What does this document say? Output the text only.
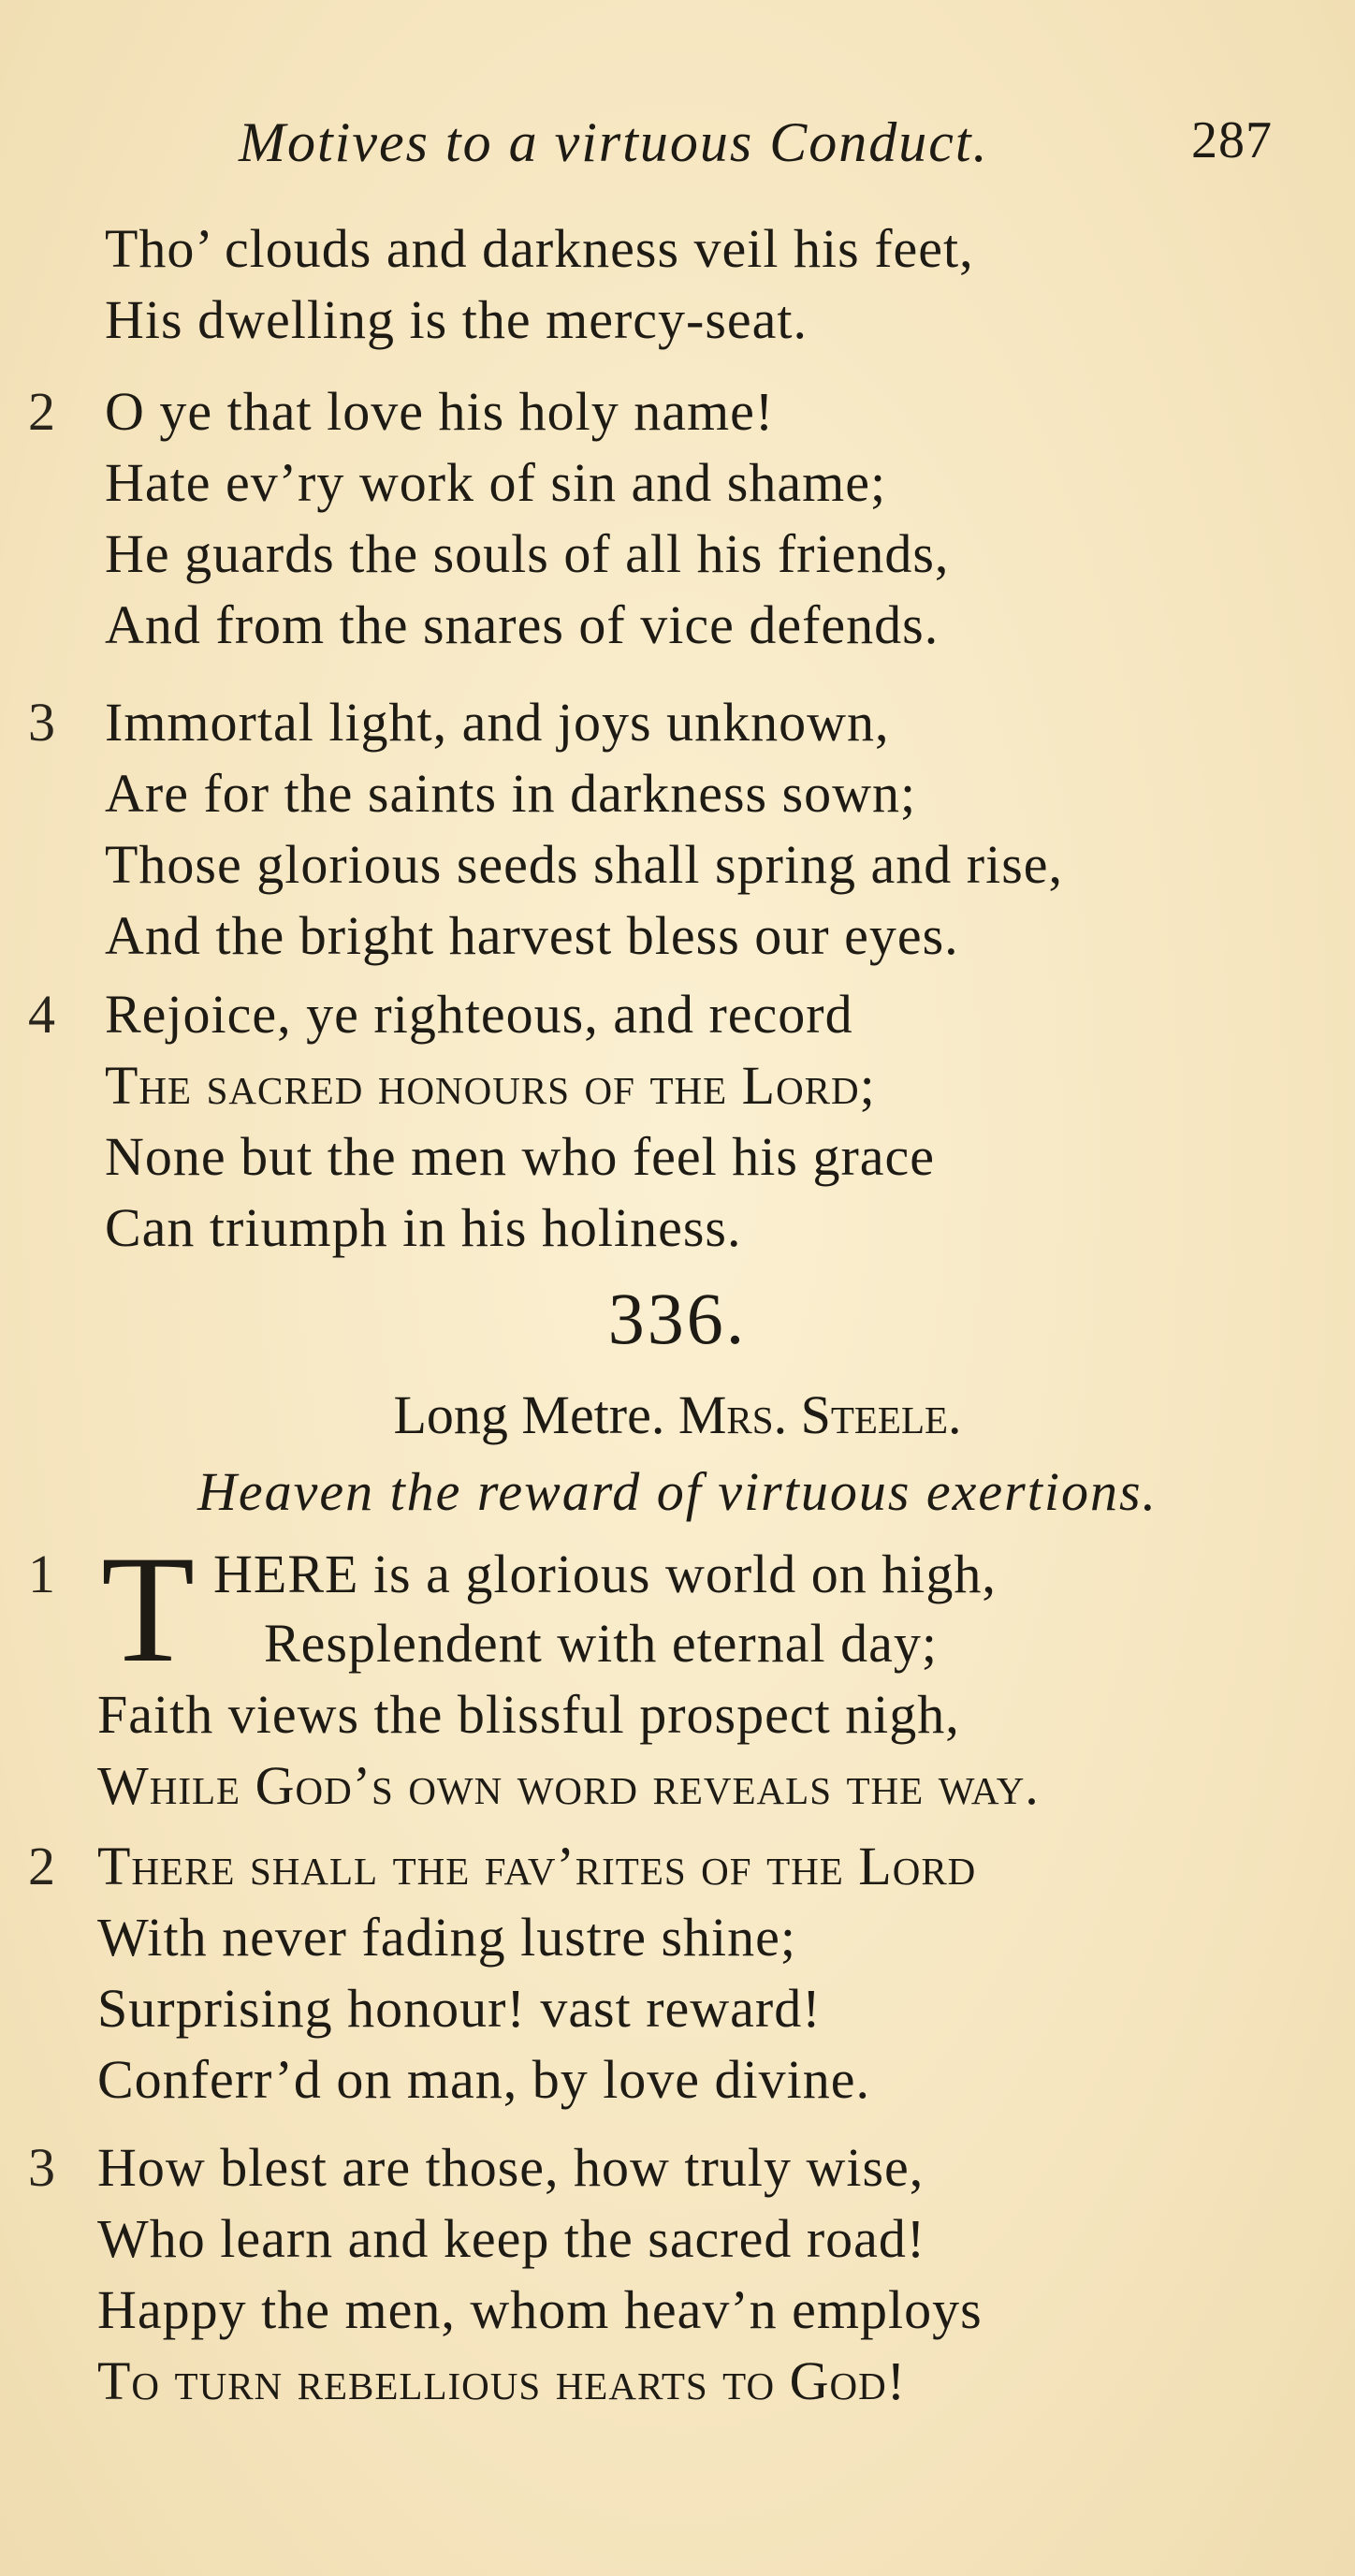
Motives to a virtuous Conduct.	287
Tho’ clouds and darkness veil his feet,
His dwelling is the mercy-seat.
2 O ye that love his holy name!
Hate ev’ry work of sin and shame;
He guards the souls of all his friends,
And from the snares of vice defends.
3 Immortal light, and joys unknown,
Are for the saints in darkness sown;
Those glorious seeds shall spring and rise,
And the bright harvest bless our eyes.
4 Rejoice, ye righteous, and record
The sacred honours of the Lord;
None but the men who feel his grace
Can triumph in his holiness.
336.
Long Metre. Mrs. Steele.
Heaven the reward of virtuous exertions.
1 T HERE is a glorious world on high,
Resplendent with eternal day;
Faith views the blissful prospect nigh,
While God’s own word reveals the way.
2 There shall the fav’rites of the Lord
With never fading lustre shine;
Surprising honour! vast reward!
Conferr’d on man, by love divine.
3 How blest are those, how truly wise,
Who learn and keep the sacred road!
Happy the men, whom heav’n employs
To turn rebellious hearts to God!
